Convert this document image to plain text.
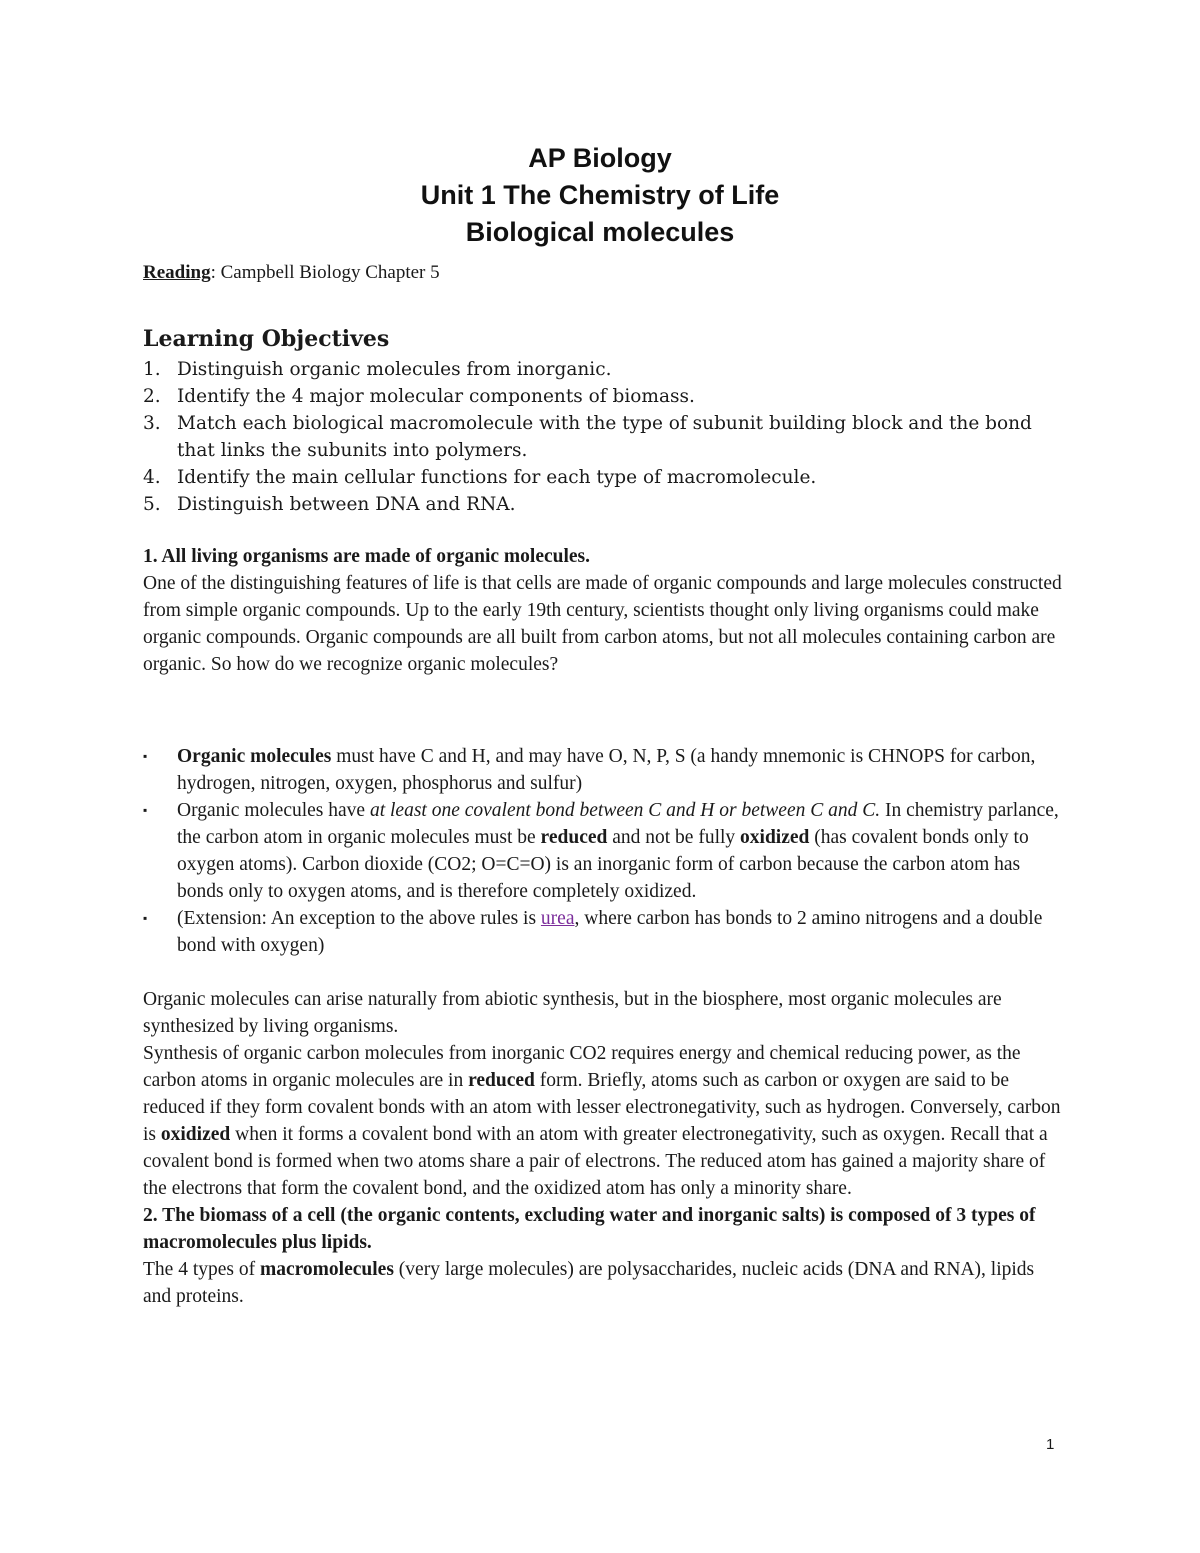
AP Biology
Unit 1 The Chemistry of Life
Biological molecules
Reading: Campbell Biology Chapter 5
Learning Objectives
1. Distinguish organic molecules from inorganic.
2. Identify the 4 major molecular components of biomass.
3. Match each biological macromolecule with the type of subunit building block and the bond that links the subunits into polymers.
4. Identify the main cellular functions for each type of macromolecule.
5. Distinguish between DNA and RNA.

1. All living organisms are made of organic molecules.

One of the distinguishing features of life is that cells are made of organic compounds and large molecules constructed from simple organic compounds. Up to the early 19th century, scientists thought only living organisms could make organic compounds. Organic compounds are all built from carbon atoms, but not all molecules containing carbon are organic. So how do we recognize organic molecules?

▪ Organic molecules must have C and H, and may have O, N, P, S (a handy mnemonic is CHNOPS for carbon, hydrogen, nitrogen, oxygen, phosphorus and sulfur)
▪ Organic molecules have at least one covalent bond between C and H or between C and C. In chemistry parlance, the carbon atom in organic molecules must be reduced and not be fully oxidized (has covalent bonds only to oxygen atoms). Carbon dioxide (CO2; O=C=O) is an inorganic form of carbon because the carbon atom has bonds only to oxygen atoms, and is therefore completely oxidized.
▪ (Extension: An exception to the above rules is urea, where carbon has bonds to 2 amino nitrogens and a double bond with oxygen)

Organic molecules can arise naturally from abiotic synthesis, but in the biosphere, most organic molecules are synthesized by living organisms.

Synthesis of organic carbon molecules from inorganic CO2 requires energy and chemical reducing power, as the carbon atoms in organic molecules are in reduced form. Briefly, atoms such as carbon or oxygen are said to be reduced if they form covalent bonds with an atom with lesser electronegativity, such as hydrogen. Conversely, carbon is oxidized when it forms a covalent bond with an atom with greater electronegativity, such as oxygen. Recall that a covalent bond is formed when two atoms share a pair of electrons. The reduced atom has gained a majority share of the electrons that form the covalent bond, and the oxidized atom has only a minority share.

2. The biomass of a cell (the organic contents, excluding water and inorganic salts) is composed of 3 types of macromolecules plus lipids.

The 4 types of macromolecules (very large molecules) are polysaccharides, nucleic acids (DNA and RNA), lipids and proteins.

1
